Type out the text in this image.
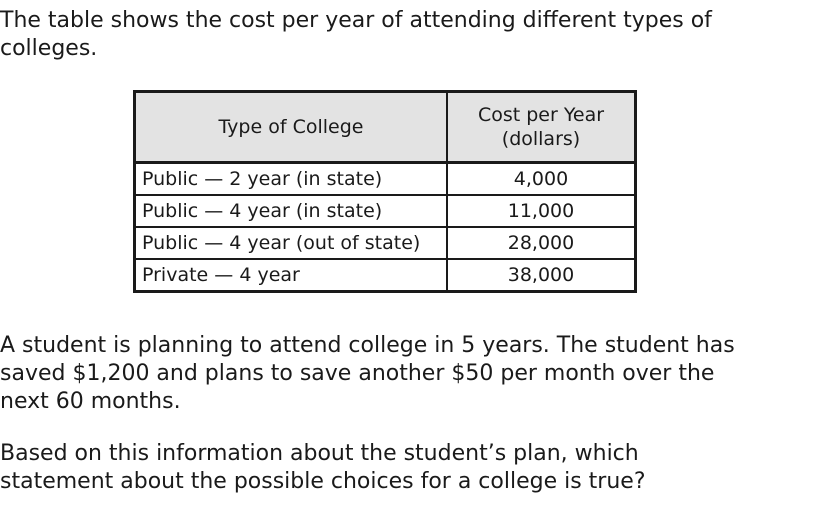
The table shows the cost per year of attending different types of
colleges.

Type of College	Cost per Year
(dollars)
Public — 2 year (in state)	4,000
Public — 4 year (in state)	11,000
Public — 4 year (out of state)	28,000
Private — 4 year	38,000

A student is planning to attend college in 5 years. The student has
saved $1,200 and plans to save another $50 per month over the
next 60 months.

Based on this information about the student’s plan, which
statement about the possible choices for a college is true?
